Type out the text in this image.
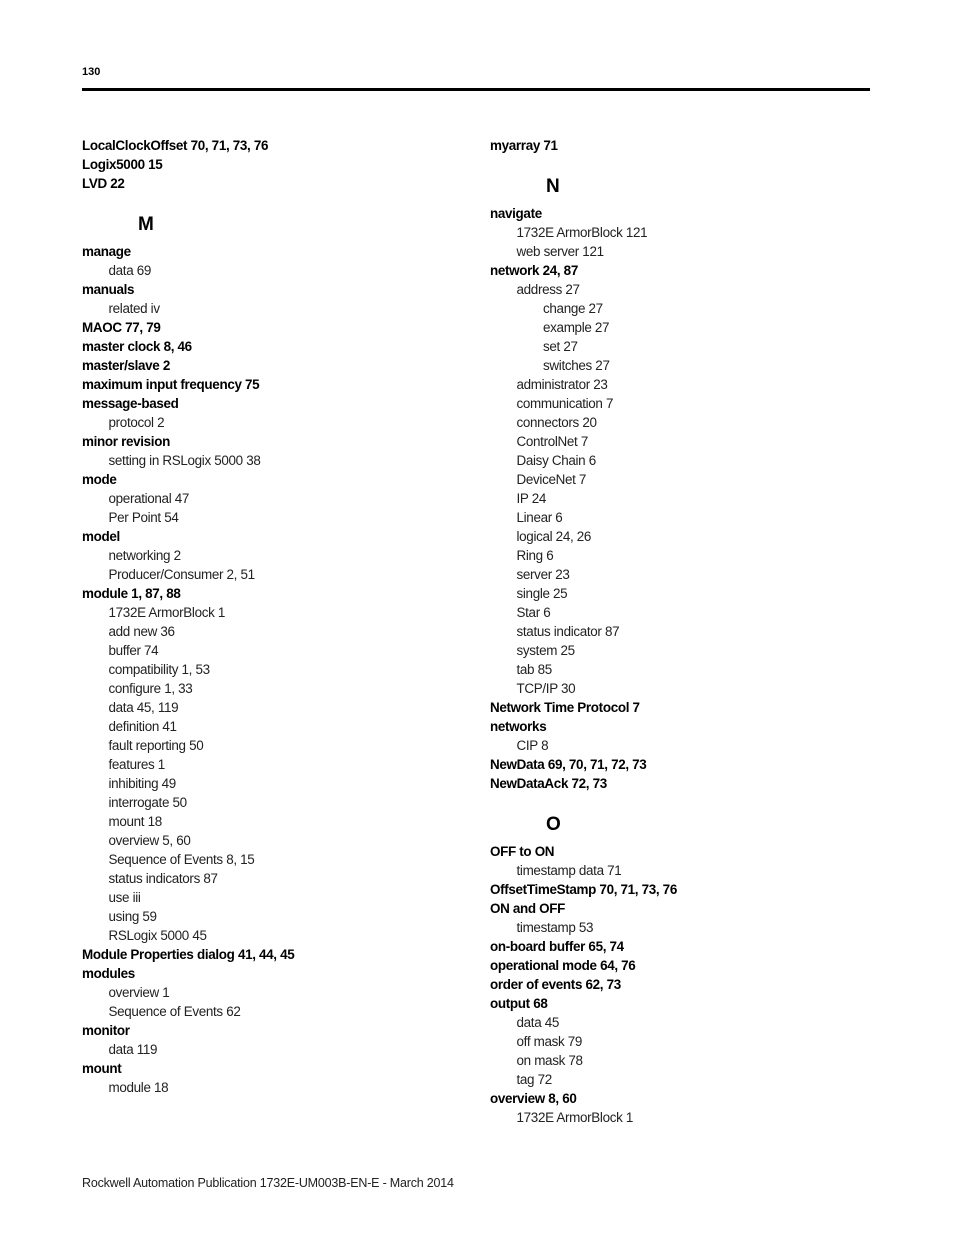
130
LocalClockOffset 70, 71, 73, 76
Logix5000 15
LVD 22
M
manage
data 69
manuals
related iv
MAOC 77, 79
master clock 8, 46
master/slave 2
maximum input frequency 75
message-based
protocol 2
minor revision
setting in RSLogix 5000 38
mode
operational 47
Per Point 54
model
networking 2
Producer/Consumer 2, 51
module 1, 87, 88
1732E ArmorBlock 1
add new 36
buffer 74
compatibility 1, 53
configure 1, 33
data 45, 119
definition 41
fault reporting 50
features 1
inhibiting 49
interrogate 50
mount 18
overview 5, 60
Sequence of Events 8, 15
status indicators 87
use iii
using 59
RSLogix 5000 45
Module Properties dialog 41, 44, 45
modules
overview 1
Sequence of Events 62
monitor
data 119
mount
module 18
myarray 71
N
navigate
1732E ArmorBlock 121
web server 121
network 24, 87
address 27
change 27
example 27
set 27
switches 27
administrator 23
communication 7
connectors 20
ControlNet 7
Daisy Chain 6
DeviceNet 7
IP 24
Linear 6
logical 24, 26
Ring 6
server 23
single 25
Star 6
status indicator 87
system 25
tab 85
TCP/IP 30
Network Time Protocol 7
networks
CIP 8
NewData 69, 70, 71, 72, 73
NewDataAck 72, 73
O
OFF to ON
timestamp data 71
OffsetTimeStamp 70, 71, 73, 76
ON and OFF
timestamp 53
on-board buffer 65, 74
operational mode 64, 76
order of events 62, 73
output 68
data 45
off mask 79
on mask 78
tag 72
overview 8, 60
1732E ArmorBlock 1
Rockwell Automation Publication 1732E-UM003B-EN-E - March 2014
